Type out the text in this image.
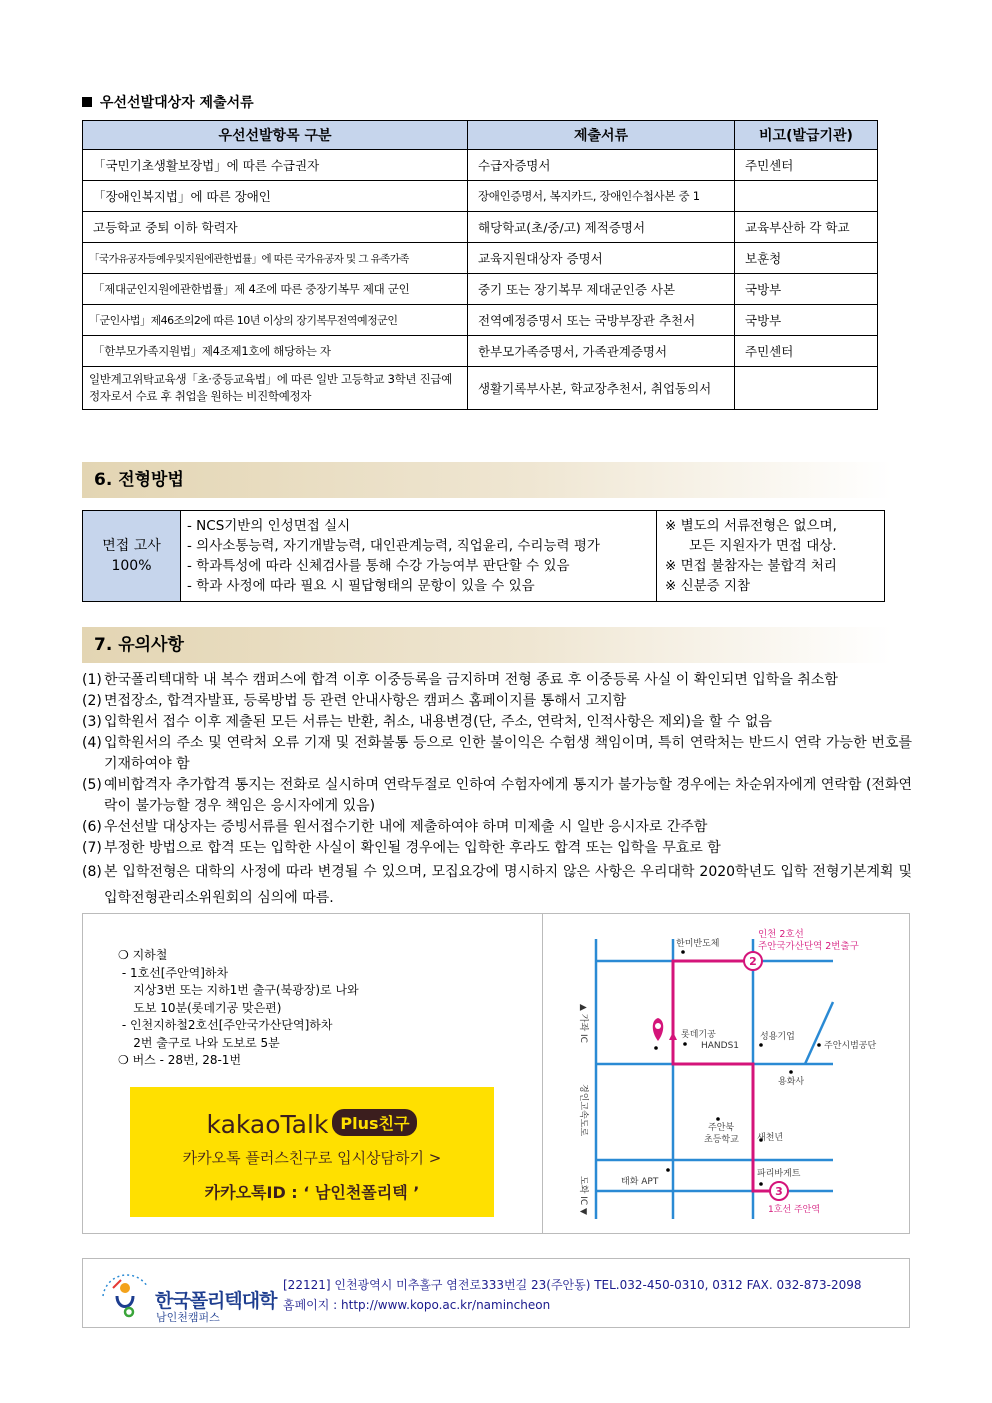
우선선발대상자 제출서류
우선선발항목 구분	제출서류	비고(발급기관)
「국민기초생활보장법」에 따른 수급권자	수급자증명서	주민센터
「장애인복지법」에 따른 장애인	장애인증명서, 복지카드, 장애인수첩사본 중 1	
고등학교 중퇴 이하 학력자	해당학교(초/중/고) 제적증명서	교육부산하 각 학교
「국가유공자등예우및지원에관한법률」에 따른 국가유공자 및 그 유족가족	교육지원대상자 증명서	보훈청
「제대군인지원에관한법률」제 4조에 따른 중장기복무 제대 군인	중기 또는 장기복무 제대군인증 사본	국방부
「군인사법」제46조의2에 따른 10년 이상의 장기복무전역예정군인	전역예정증명서 또는 국방부장관 추천서	국방부
「한부모가족지원법」제4조제1호에 해당하는 자	한부모가족증명서, 가족관계증명서	주민센터
일반계고위탁교육생「초·중등교육법」에 따른 일반 고등학교 3학년 진급예정자로서 수료 후 취업을 원하는 비진학예정자	생활기록부사본, 학교장추천서, 취업동의서	
6. 전형방법
면접 고사
100%

- NCS기반의 인성면접 실시
- 의사소통능력, 자기개발능력, 대인관계능력, 직업윤리, 수리능력 평가
- 학과특성에 따라 신체검사를 통해 수강 가능여부 판단할 수 있음
- 학과 사정에 따라 필요 시 필답형태의 문항이 있을 수 있음

※ 별도의 서류전형은 없으며,
모든 지원자가 면접 대상.
※ 면접 불참자는 불합격 처리
※ 신분증 지참
7. 유의사항
(1) 한국폴리텍대학 내 복수 캠퍼스에 합격 이후 이중등록을 금지하며 전형 종료 후 이중등록 사실 이 확인되면 입학을 취소함
(2) 면접장소, 합격자발표, 등록방법 등 관련 안내사항은 캠퍼스 홈페이지를 통해서 고지함
(3) 입학원서 접수 이후 제출된 모든 서류는 반환, 취소, 내용변경(단, 주소, 연락처, 인적사항은 제외)을 할 수 없음
(4) 입학원서의 주소 및 연락처 오류 기재 및 전화불통 등으로 인한 불이익은 수험생 책임이며, 특히 연락처는 반드시 연락 가능한 번호를 기재하여야 함
(5) 예비합격자 추가합격 통지는 전화로 실시하며 연락두절로 인하여 수험자에게 통지가 불가능할 경우에는 차순위자에게 연락함 (전화연락이 불가능할 경우 책임은 응시자에게 있음)
(6) 우선선발 대상자는 증빙서류를 원서접수기한 내에 제출하여야 하며 미제출 시 일반 응시자로 간주함
(7) 부정한 방법으로 합격 또는 입학한 사실이 확인될 경우에는 입학한 후라도 합격 또는 입학을 무효로 함
(8) 본 입학전형은 대학의 사정에 따라 변경될 수 있으며, 모집요강에 명시하지 않은 사항은 우리대학 2020학년도 입학 전형기본계획 및 입학전형관리소위원회의 심의에 따름.
❍ 지하철
- 1호선[주안역]하차
지상3번 또는 지하1번 출구(북광장)로 나와
도보 10분(롯데기공 맞은편)
- 인천지하철2호선[주안국가산단역]하차
2번 출구로 나와 도보로 5분
❍ 버스 - 28번, 28-1번
kakaoTalk Plus친구
카카오톡 플러스친구로 입시상담하기 >
카카오톡ID : ‘ 남인천폴리텍 ’
2
3
한미반도체
인천 2호선
주안국가산단역 2번출구
롯데기공
HANDS1
성용기업
주안시범공단
용화사
주안북
초등학교 새천년
태화 APT
파리바게트
1호선 주안역
▲ 가좌 IC
경인고속도로
도화 IC ▼
한국폴리텍대학
남인천캠퍼스
[22121] 인천광역시 미추홀구 염전로333번길 23(주안동) TEL.032-450-0310, 0312 FAX. 032-873-2098
홈페이지 : http://www.kopo.ac.kr/namincheon
